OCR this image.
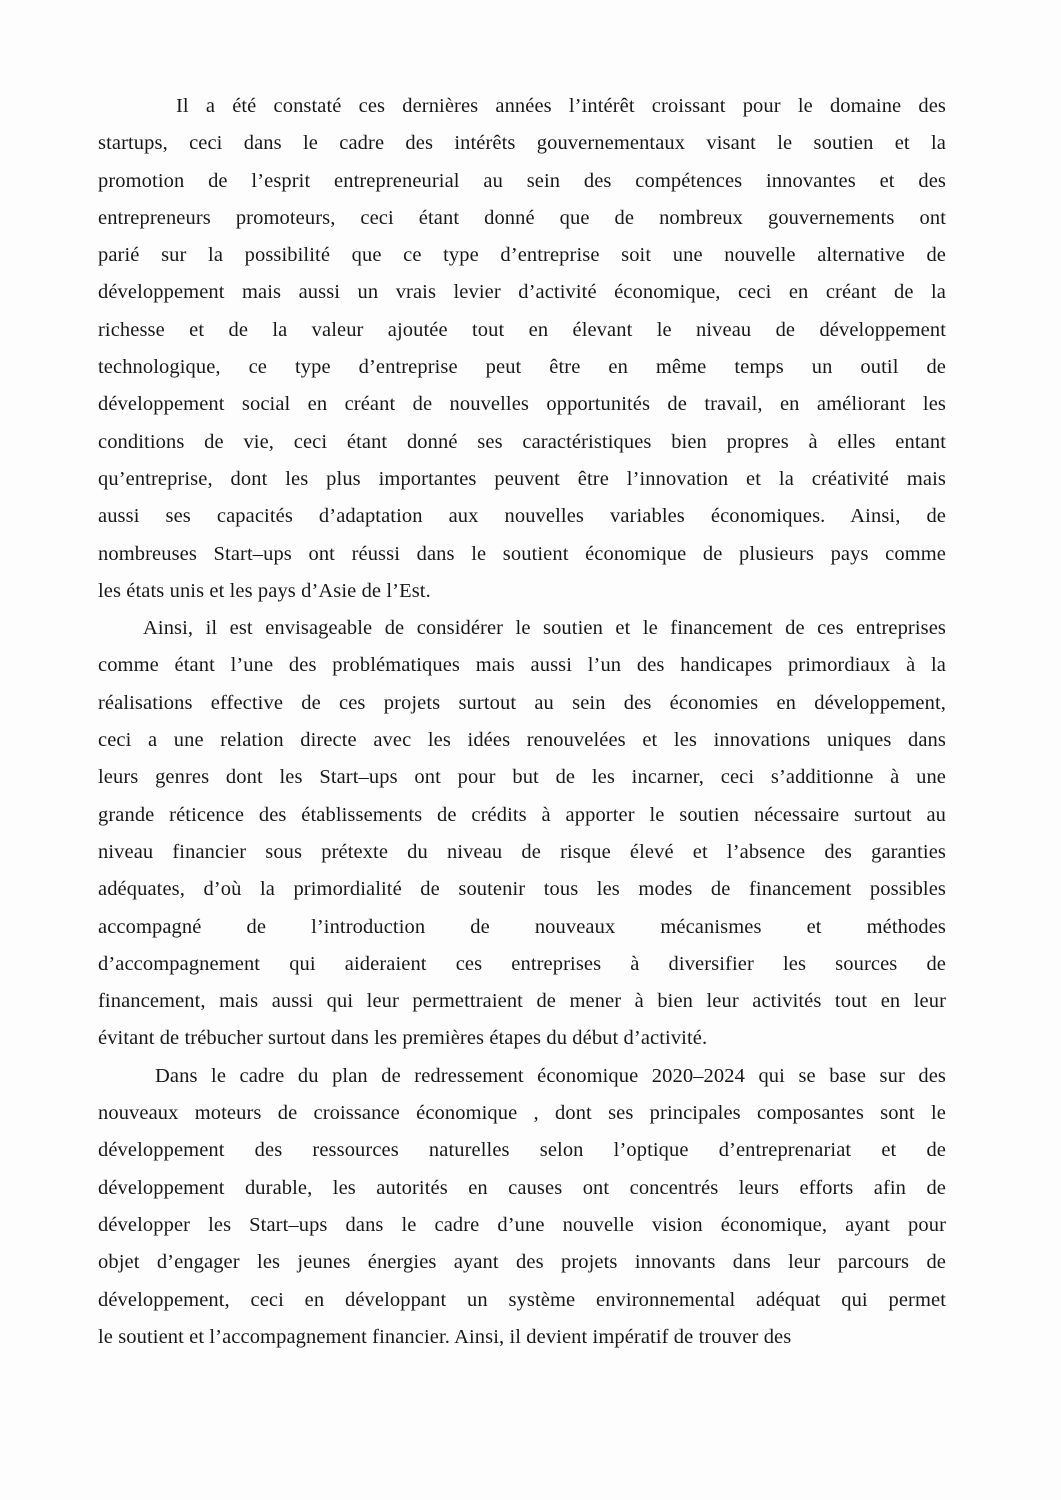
Il a été constaté ces dernières années l’intérêt croissant pour le domaine des
startups, ceci dans le cadre des intérêts gouvernementaux visant le soutien et la
promotion de l’esprit entrepreneurial au sein des compétences innovantes et des
entrepreneurs promoteurs, ceci étant donné que de nombreux gouvernements ont
parié sur la possibilité que ce type d’entreprise soit une nouvelle alternative de
développement mais aussi un vrais levier d’activité économique, ceci en créant de la
richesse et de la valeur ajoutée tout en élevant le niveau de développement
technologique, ce type d’entreprise peut être en même temps un outil de
développement social en créant de nouvelles opportunités de travail, en améliorant les
conditions de vie, ceci étant donné ses caractéristiques bien propres à elles entant
qu’entreprise, dont les plus importantes peuvent être l’innovation et la créativité mais
aussi ses capacités d’adaptation aux nouvelles variables économiques. Ainsi, de
nombreuses Start–ups ont réussi dans le soutient économique de plusieurs pays comme
les états unis et les pays d’Asie de l’Est.
Ainsi, il est envisageable de considérer le soutien et le financement de ces entreprises
comme étant l’une des problématiques mais aussi l’un des handicapes primordiaux à la
réalisations effective de ces projets surtout au sein des économies en développement,
ceci a une relation directe avec les idées renouvelées et les innovations uniques dans
leurs genres dont les Start–ups ont pour but de les incarner, ceci s’additionne à une
grande réticence des établissements de crédits à apporter le soutien nécessaire surtout au
niveau financier sous prétexte du niveau de risque élevé et l’absence des garanties
adéquates, d’où la primordialité de soutenir tous les modes de financement possibles
accompagné de l’introduction de nouveaux mécanismes et méthodes
d’accompagnement qui aideraient ces entreprises à diversifier les sources de
financement, mais aussi qui leur permettraient de mener à bien leur activités tout en leur
évitant de trébucher surtout dans les premières étapes du début d’activité.
Dans le cadre du plan de redressement économique 2020–2024 qui se base sur des
nouveaux moteurs de croissance économique , dont ses principales composantes sont le
développement des ressources naturelles selon l’optique d’entreprenariat et de
développement durable, les autorités en causes ont concentrés leurs efforts afin de
développer les Start–ups dans le cadre d’une nouvelle vision économique, ayant pour
objet d’engager les jeunes énergies ayant des projets innovants dans leur parcours de
développement, ceci en développant un système environnemental adéquat qui permet
le soutient et l’accompagnement financier. Ainsi, il devient impératif de trouver des
